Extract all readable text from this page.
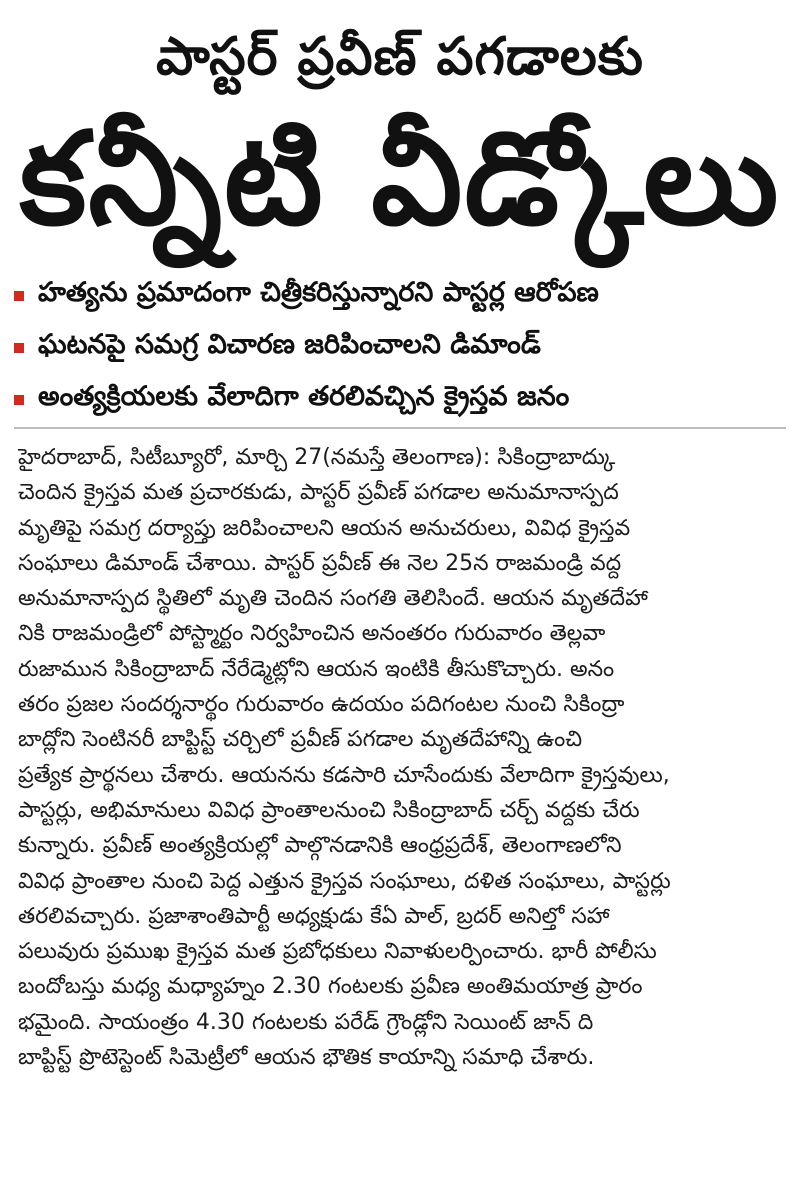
పాస్టర్ ప్రవీణ్ పగడాలకు
కన్నీటి వీడ్కోలు
హత్యను ప్రమాదంగా చిత్రీకరిస్తున్నారని పాస్టర్ల ఆరోపణ
ఘటనపై సమగ్ర విచారణ జరిపించాలని డిమాండ్
అంత్యక్రియలకు వేలాదిగా తరలివచ్చిన క్రైస్తవ జనం
హైదరాబాద్, సిటీబ్యూరో, మార్చి 27(నమస్తే తెలంగాణ): సికింద్రాబాద్కు
చెందిన క్రైస్తవ మత ప్రచారకుడు, పాస్టర్ ప్రవీణ్ పగడాల అనుమానాస్పద
మృతిపై సమగ్ర దర్యాప్తు జరిపించాలని ఆయన అనుచరులు, వివిధ క్రైస్తవ
సంఘాలు డిమాండ్ చేశాయి. పాస్టర్ ప్రవీణ్ ఈ నెల 25న రాజమండ్రి వద్ద
అనుమానాస్పద స్థితిలో మృతి చెందిన సంగతి తెలిసిందే. ఆయన మృతదేహా
నికి రాజమండ్రిలో పోస్ట్మార్టం నిర్వహించిన అనంతరం గురువారం తెల్లవా
రుజామున సికింద్రాబాద్ నేరేడ్మెట్లోని ఆయన ఇంటికి తీసుకొచ్చారు. అనం
తరం ప్రజల సందర్శనార్థం గురువారం ఉదయం పదిగంటల నుంచి సికింద్రా
బాద్లోని సెంటినరీ బాప్టిస్ట్ చర్చిలో ప్రవీణ్ పగడాల మృతదేహాన్ని ఉంచి
ప్రత్యేక ప్రార్థనలు చేశారు. ఆయనను కడసారి చూసేందుకు వేలాదిగా క్రైస్తవులు,
పాస్టర్లు, అభిమానులు వివిధ ప్రాంతాలనుంచి సికింద్రాబాద్ చర్చ్ వద్దకు చేరు
కున్నారు. ప్రవీణ్ అంత్యక్రియల్లో పాల్గొనడానికి ఆంధ్రప్రదేశ్, తెలంగాణలోని
వివిధ ప్రాంతాల నుంచి పెద్ద ఎత్తున క్రైస్తవ సంఘాలు, దళిత సంఘాలు, పాస్టర్లు
తరలివచ్చారు. ప్రజాశాంతిపార్టీ అధ్యక్షుడు కేఏ పాల్, బ్రదర్ అనిల్తో సహా
పలువురు ప్రముఖ క్రైస్తవ మత ప్రబోధకులు నివాళులర్పించారు. భారీ పోలీసు
బందోబస్తు మధ్య మధ్యాహ్నం 2.30 గంటలకు ప్రవీణ అంతిమయాత్ర ప్రారం
భమైంది. సాయంత్రం 4.30 గంటలకు పరేడ్ గ్రౌండ్లోని సెయింట్ జాన్ ది
బాప్టిస్ట్ ప్రొటెస్టెంట్ సిమెట్రీలో ఆయన భౌతిక కాయాన్ని సమాధి చేశారు.
